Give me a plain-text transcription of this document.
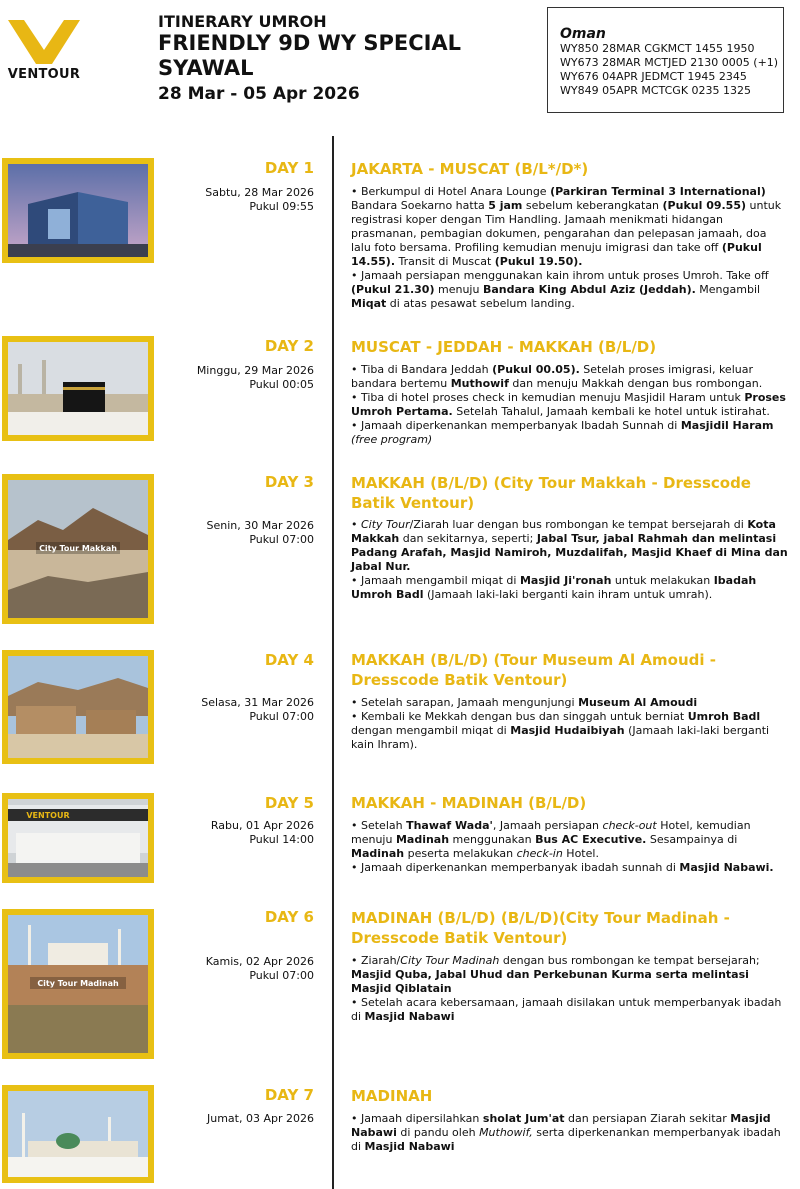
VENTOUR
ITINERARY UMROH
FRIENDLY 9D WY SPECIAL
SYAWAL
28 Mar - 05 Apr 2026
Oman
WY850 28MAR CGKMCT 1455 1950
WY673 28MAR MCTJED 2130 0005 (+1)
WY676 04APR JEDMCT 1945 2345
WY849 05APR MCTCGK 0235 1325
DAY 1
Sabtu, 28 Mar 2026
Pukul 09:55
JAKARTA - MUSCAT (B/L*/D*)

• Berkumpul di Hotel Anara Lounge (Parkiran Terminal 3 International) Bandara Soekarno hatta 5 jam sebelum keberangkatan (Pukul 09.55) untuk registrasi koper dengan Tim Handling. Jamaah menikmati hidangan prasmanan, pembagian dokumen, pengarahan dan pelepasan jamaah, doa lalu foto bersama. Profiling kemudian menuju imigrasi dan take off (Pukul 14.55). Transit di Muscat (Pukul 19.50).

• Jamaah persiapan menggunakan kain ihrom untuk proses Umroh. Take off (Pukul 21.30) menuju Bandara King Abdul Aziz (Jeddah). Mengambil Miqat di atas pesawat sebelum landing.

DAY 2
Minggu, 29 Mar 2026
Pukul 00:05
MUSCAT - JEDDAH - MAKKAH (B/L/D)

• Tiba di Bandara Jeddah (Pukul 00.05). Setelah proses imigrasi, keluar bandara bertemu Muthowif dan menuju Makkah dengan bus rombongan.

• Tiba di hotel proses check in kemudian menuju Masjidil Haram untuk Proses Umroh Pertama. Setelah Tahalul, Jamaah kembali ke hotel untuk istirahat.

• Jamaah diperkenankan memperbanyak Ibadah Sunnah di Masjidil Haram (free program)

City Tour Makkah
DAY 3
Senin, 30 Mar 2026
Pukul 07:00
MAKKAH (B/L/D) (City Tour Makkah - Dresscode Batik Ventour)

• City Tour/Ziarah luar dengan bus rombongan ke tempat bersejarah di Kota Makkah dan sekitarnya, seperti; Jabal Tsur, jabal Rahmah dan melintasi Padang Arafah, Masjid Namiroh, Muzdalifah, Masjid Khaef di Mina dan Jabal Nur.

• Jamaah mengambil miqat di Masjid Ji'ronah untuk melakukan Ibadah Umroh Badl (Jamaah laki-laki berganti kain ihram untuk umrah).

DAY 4
Selasa, 31 Mar 2026
Pukul 07:00
MAKKAH (B/L/D) (Tour Museum Al Amoudi - Dresscode Batik Ventour)

• Setelah sarapan, Jamaah mengunjungi Museum Al Amoudi

• Kembali ke Mekkah dengan bus dan singgah untuk berniat Umroh Badl dengan mengambil miqat di Masjid Hudaibiyah (Jamaah laki-laki berganti kain Ihram).

VENTOUR
DAY 5
Rabu, 01 Apr 2026
Pukul 14:00
MAKKAH - MADINAH (B/L/D)

• Setelah Thawaf Wada', Jamaah persiapan check-out Hotel, kemudian menuju Madinah menggunakan Bus AC Executive. Sesampainya di Madinah peserta melakukan check-in Hotel.

• Jamaah diperkenankan memperbanyak ibadah sunnah di Masjid Nabawi.

City Tour Madinah
DAY 6
Kamis, 02 Apr 2026
Pukul 07:00
MADINAH (B/L/D) (B/L/D)(City Tour Madinah - Dresscode Batik Ventour)

• Ziarah/City Tour Madinah dengan bus rombongan ke tempat bersejarah; Masjid Quba, Jabal Uhud dan Perkebunan Kurma serta melintasi Masjid Qiblatain

• Setelah acara kebersamaan, jamaah disilakan untuk memperbanyak ibadah di Masjid Nabawi

DAY 7
Jumat, 03 Apr 2026
MADINAH

• Jamaah dipersilahkan sholat Jum'at dan persiapan Ziarah sekitar Masjid Nabawi di pandu oleh Muthowif, serta diperkenankan memperbanyak ibadah di Masjid Nabawi
